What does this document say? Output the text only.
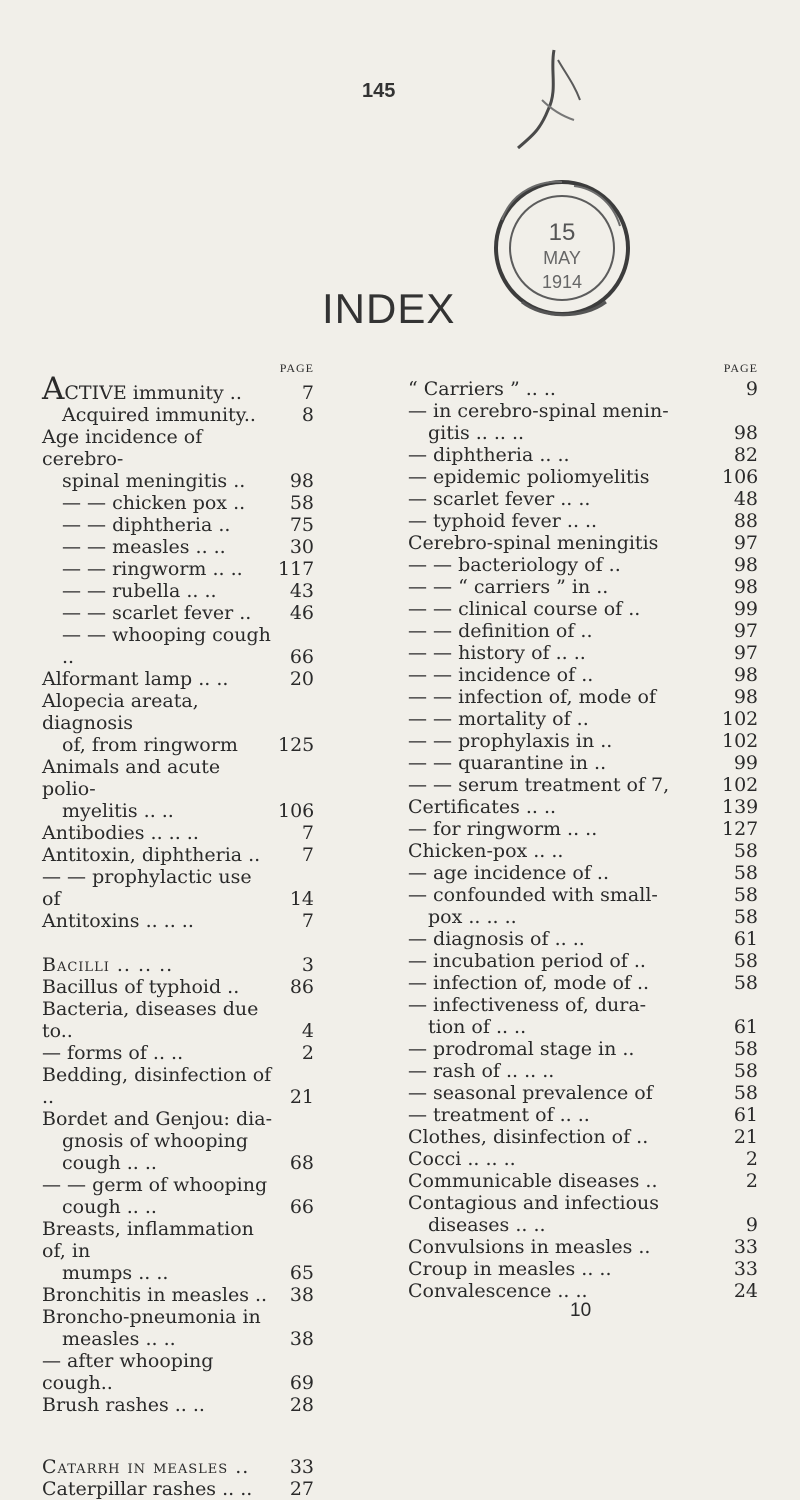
145
INDEX
15
MAY
1914
PAGE
ACTIVE immunity ..	7
Acquired immunity..	8
Age incidence of cerebro-
spinal meningitis ..	98
— — chicken pox ..	58
— — diphtheria ..	75
— — measles .. ..	30
— — ringworm .. ..	117
— — rubella .. ..	43
— — scarlet fever ..	46
— — whooping cough ..	66
Alformant lamp .. ..	20
Alopecia areata, diagnosis
of, from ringworm	125
Animals and acute polio-
myelitis .. ..	106
Antibodies .. .. ..	7
Antitoxin, diphtheria ..	7
— — prophylactic use of	14
Antitoxins .. .. ..	7
Bacilli .. .. ..	3
Bacillus of typhoid ..	86
Bacteria, diseases due to..	4
— forms of .. ..	2
Bedding, disinfection of ..	21
Bordet and Genjou: dia-
gnosis of whooping
cough .. ..	68
— — germ of whooping
cough .. ..	66
Breasts, inflammation of, in
mumps .. ..	65
Bronchitis in measles ..	38
Broncho-pneumonia in
measles .. ..	38
— after whooping cough..	69
Brush rashes .. ..	28
Catarrh in measles ..	33
Caterpillar rashes .. ..	27
PAGE
“ Carriers ” .. ..	9
— in cerebro-spinal menin-
gitis .. .. ..	98
— diphtheria .. ..	82
— epidemic poliomyelitis	106
— scarlet fever .. ..	48
— typhoid fever .. ..	88
Cerebro-spinal meningitis	97
— — bacteriology of ..	98
— — “ carriers ” in ..	98
— — clinical course of ..	99
— — definition of ..	97
— — history of .. ..	97
— — incidence of ..	98
— — infection of, mode of	98
— — mortality of ..	102
— — prophylaxis in ..	102
— — quarantine in ..	99
— — serum treatment of 7,	102
Certificates .. ..	139
— for ringworm .. ..	127
Chicken-pox .. ..	58
— age incidence of ..	58
— confounded with small-	58
pox .. .. ..	58
— diagnosis of .. ..	61
— incubation period of ..	58
— infection of, mode of ..	58
— infectiveness of, dura-
tion of .. ..	61
— prodromal stage in ..	58
— rash of .. .. ..	58
— seasonal prevalence of	58
— treatment of .. ..	61
Clothes, disinfection of ..	21
Cocci .. .. ..	2
Communicable diseases ..	2
Contagious and infectious
diseases .. ..	9
Convulsions in measles ..	33
Croup in measles .. ..	33
Convalescence .. ..	24
10
